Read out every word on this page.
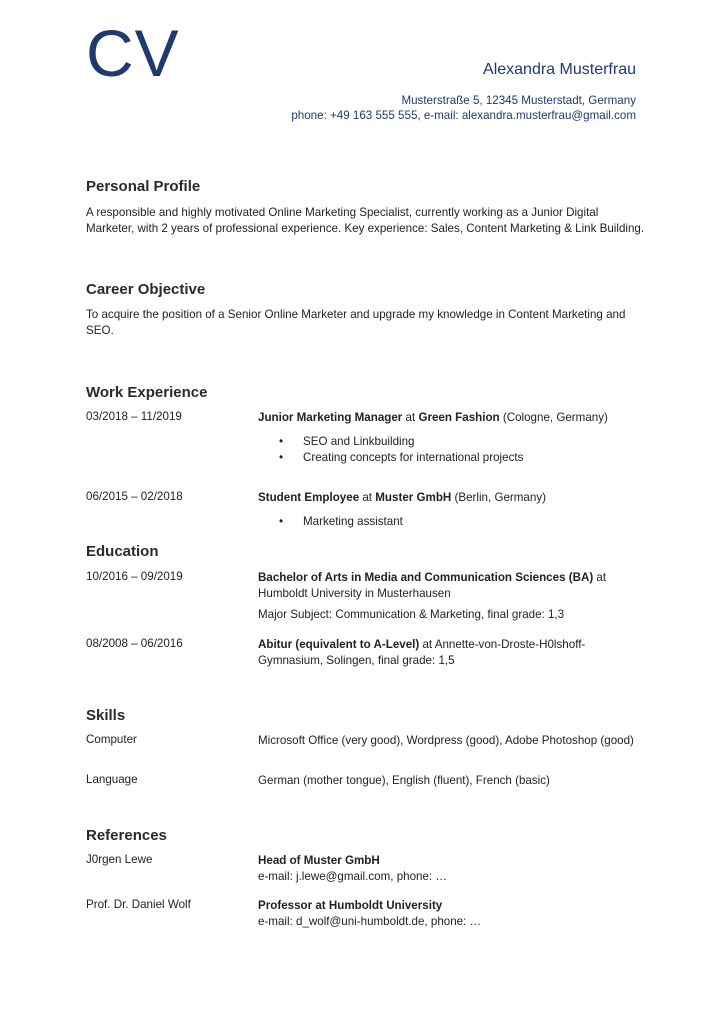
CV	Alexandra Musterfrau
Musterstraße 5, 12345 Musterstadt, Germany
phone: +49 163 555 555, e-mail: alexandra.musterfrau@gmail.com
Personal Profile
A responsible and highly motivated Online Marketing Specialist, currently working as a Junior Digital Marketer, with 2 years of professional experience. Key experience: Sales, Content Marketing & Link Building.
Career Objective
To acquire the position of a Senior Online Marketer and upgrade my knowledge in Content Marketing and SEO.
Work Experience
03/2018 – 11/2019	Junior Marketing Manager at Green Fashion (Cologne, Germany)
• SEO and Linkbuilding
• Creating concepts for international projects
06/2015 – 02/2018	Student Employee at Muster GmbH (Berlin, Germany)
• Marketing assistant
Education
10/2016 – 09/2019	Bachelor of Arts in Media and Communication Sciences (BA) at Humboldt University in Musterhausen
Major Subject: Communication & Marketing, final grade: 1,3
08/2008 – 06/2016	Abitur (equivalent to A-Level) at Annette-von-Droste-H0lshoff-Gymnasium, Solingen, final grade: 1,5
Skills
Computer	Microsoft Office (very good), Wordpress (good), Adobe Photoshop (good)
Language	German (mother tongue), English (fluent), French (basic)
References
J0rgen Lewe	Head of Muster GmbH
e-mail: j.lewe@gmail.com, phone: …
Prof. Dr. Daniel Wolf	Professor at Humboldt University
e-mail: d_wolf@uni-humboldt.de, phone: …
